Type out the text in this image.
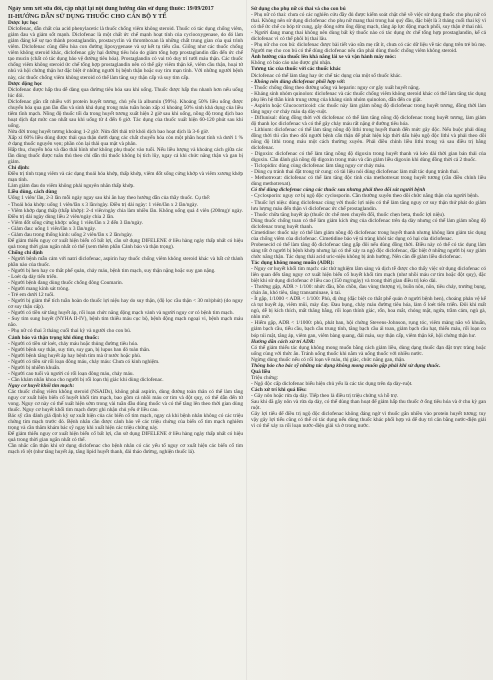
Ngày xem xét sửa đổi, cập nhật lại nội dung hướng dẫn sử dụng thuốc: 19/09/2017

II-HƯỚNG DẪN SỬ DỤNG THUỐC CHO CÁN BỘ Y TẾ

Dược lực học

Diclofenac, dẫn chất của acid phenylacetic là thuốc chống viêm không steroid. Thuốc có tác dụng chống viêm, giảm đau và giảm sốt mạnh. Diclofenac là một chất ức chế mạnh hoạt tính của cyclooxygenase, do đó làm giảm đáng kể sự tạo thành prostaglandin, prostacyclin và thromboxan là những chất trung gian của quá trình viêm. Diclofenac cũng điều hòa con đường lipoxygenase và sự kết tụ tiểu cầu. Giống như các thuốc chống viêm không steroid khác, diclofenac gây hại đường tiêu hóa do giảm tổng hợp prostaglandin dẫn đến ức chế tạo mucin (chất có tác dụng bảo vệ đường tiêu hóa). Prostaglandin có vai trò duy trì tưới máu thận. Các thuốc chống viêm không steroid ức chế tổng hợp prostaglandin nên có thể gây viêm thận kẽ, viêm cầu thận, hoại tử nhú và hội chứng thận hư đặc biệt ở những người bị bệnh thận hoặc suy tim mạn tính. Với những người bệnh này, các thuốc chống viêm không steroid có thể làm tăng suy thận cấp và suy tim cấp.

Dược động học

Diclofenac được hấp thu dễ dàng qua đường tiêu hóa sau khi uống. Thuốc được hấp thu nhanh hơn nếu uống lúc đói.

Diclofenac gắn rất nhiều với protein huyết tương, chủ yếu là albumin (99%). Khoảng 50% liều uống được chuyển hóa qua gan lần đầu và sinh khả dụng trong máu tuần hoàn xấp xỉ khoảng 50% sinh khả dụng của liều tiêm tĩnh mạch. Nồng độ thuốc tối đa trong huyết tương xuất hiện 2 giờ sau khi uống, nồng độ trong dịch bao hoạt dịch đạt mức cao nhất sau khi uống từ 4 đến 6 giờ. Tác dụng của thuốc xuất hiện 60-120 phút sau khi uống.

Nửa đời trong huyết tương khoảng 1-2 giờ. Nửa đời thải trừ khỏi dịch bao hoạt dịch là 3-6 giờ.

Xấp xỉ 60% liều dùng được thải qua thận dưới dạng các chất chuyển hóa còn một phần hoạt tính và dưới 1 % ở dạng thuốc nguyên vẹn; phần còn lại thải qua mật và phân.

Hấp thu, chuyển hóa và đào thải hình như không phụ thuộc vào tuổi. Nếu liều lượng và khoảng cách giữa các lần dùng thuốc được tuân thủ theo chỉ dẫn thì thuốc không bị tích lũy, ngay cả khi chức năng thận và gan bị giảm.

Chỉ định:

Điều trị tình trạng viêm và các dạng thoái hóa khớp, thấp khớp, viêm đốt sống cứng khớp và viêm xương khớp mạn tính.

Làm giảm đau do viêm không phải nguyên nhân thấp khớp.

Liều dùng, cách dùng

Uống 1 viên/ lần, 2-3 lần mỗi ngày ngay sau khi ăn hay theo hướng dẫn của thầy thuốc. Cụ thể:

- Thoái hóa khớp: uống 1 viên/lần x 3 lần/ngày. Điều trị dài ngày: 1 viên/lần x 2 lần/ngày.

- Viêm khớp dạng thấp (thấp khớp): 2-4 viên/ngày chia làm nhiều lần. Không uống quá 4 viên (200mg)/ ngày. Điều trị dài ngày dùng liều 2 viên/ngày chia 2 lần.

- Viêm đốt sống cứng khớp: uống 1 viên/lần x 2 đến 3 lần/ngày.

- Giảm đau: uống 1 viên/lần x 3 lần/ngày.

- Giảm đau trong thống kinh: uống 2 viên/lần x 2 lần/ngày.

Để giảm thiểu nguy cơ xuất hiện biến cố bất lợi, cần sử dụng DIFELENE ở liều hàng ngày thấp nhất có hiệu quả trong thời gian ngắn nhất có thể (xem thêm phần Cảnh báo và thận trọng).

Chống chỉ định

- Người bệnh mẫn cảm với natri diclofenac, aspirin hay thuốc chống viêm không steroid khác và bất cứ thành phần nào của thuốc.

- Người bị hen hay co thắt phế quản, chảy máu, bệnh tim mạch, suy thận nặng hoặc suy gan nặng.

- Loét dạ dày tiến triển.

- Người bệnh đang dùng thuốc chống đông Coumarin.

- Người mang kính sát tròng.

- Trẻ em dưới 12 tuổi.

- Người bị giảm thể tích tuần hoàn do thuốc lợi niệu hay do suy thận, (độ lọc cầu thận < 30 ml/phút) (do nguy cơ suy thận cấp).

- Người có tiền sử tăng huyết áp, rối loạn chức năng động mạch vành và người nguy cơ có bệnh tim mạch.

- Suy tim sung huyết (NYHA II-IV), bệnh tim thiếu máu cục bộ, bệnh động mạch ngoại vi, bệnh mạch máu não.

- Phụ nữ có thai 3 tháng cuối thai kỳ và người cho con bú.

Cảnh báo và thận trọng khi dùng thuốc:

- Người có tiền sử loét, chảy máu hoặc thủng đường tiêu hóa.

- Người bệnh suy thận, suy tim, suy gan, bị lupus ban đỏ toàn thân.

- Người bệnh tăng huyết áp hay bệnh tim mà ứ nước hoặc phù.

- Người có tiền sử rối loạn đông máu, chảy máu: Chưa có kinh nghiệm.

- Người bị nhiễm khuẩn.

- Người cao tuổi và người có rối loạn đông máu, chảy máu.

- Cần khám nhãn khoa cho người bị rối loạn thị giác khi dùng diclofenac.

Nguy cơ huyết khối tim mạch:

Các thuốc chống viêm không steroid (NSAIDs), không phải aspirin, dùng đường toàn thân có thể làm tăng nguy cơ xuất hiện biến cố huyết khối tim mạch, bao gồm cả nhồi máu cơ tim và đột quỵ, có thể dẫn đến tử vong. Nguy cơ này có thể xuất hiện sớm trong vài tuần đầu dùng thuốc và có thể tăng lên theo thời gian dùng thuốc. Nguy cơ huyết khối tim mạch được ghi nhận chủ yếu ở liều cao.

Bác sỹ cần đánh giá định kỳ sự xuất hiện của các biến cố tim mạch, ngay cả khi bệnh nhân không có các triệu chứng tim mạch trước đó. Bệnh nhân cần được cảnh báo về các triệu chứng của biến cố tim mạch nghiêm trọng và cần thăm khám bác sỹ ngay khi xuất hiện các triệu chứng này.

Để giảm thiểu nguy cơ xuất hiện biến cố bất lợi, cần sử dụng DIFELENE ở liều hàng ngày thấp nhất có hiệu quả trong thời gian ngắn nhất có thể.

Cần nhắc cẩn thận khi sử dụng diclofenac cho bệnh nhân có các yếu tố nguy cơ xuất hiện các biến cố tim mạch rõ rệt (như tăng huyết áp, tăng lipid huyết thanh, đái tháo đường, nghiện thuốc lá).

Sử dụng cho phụ nữ có thai và cho con bú

- Phụ nữ có thai: chưa có các nghiên cứu đầy đủ được kiểm soát chặt chẽ về việc sử dụng thuốc cho phụ nữ có thai. Không nên sử dụng diclofenac cho phụ nữ mang thai trong hai quý đầu, đặc biệt là 3 tháng cuối thai kỳ vì có thể ức chế co bóp tử cung, gây đóng sớm ống động mạch, tăng áp lực động mạch phổi, suy thận ở thai nhi.

- Người đang mang thai không nên dùng bất kỳ thuốc nào có tác dụng ức chế tổng hợp prostaglandin, kể cả diclofenac vì có thể phôi bị thai lâu.

- Phụ nữ cho con bú: diclofenac được bài tiết vào sữa mẹ rất ít, chưa có các dữ liệu về tác dụng trên trẻ bú mẹ. Người mẹ cho con bú có thể dùng diclofenac nếu cần phải dùng thuốc chống viêm không steroid.

Ảnh hưởng của thuốc lên khả năng lái xe và vận hành máy móc:

Không có báo cáo nào được ghi nhận.

Tương tác của thuốc với các thuốc khác

Diclofenac có thể làm tăng hay ức chế tác dụng của một số thuốc khác.

- Không nên dùng diclofenac phối hợp với:

- Thuốc chống đông theo đường uống và heparin: nguy cơ gây xuất huyết nặng.

- Kháng sinh nhóm quinolon: diclofenac và các thuốc chống viêm không steroid khác có thể làm tăng tác dụng phụ lên hệ thần kinh trung ương của kháng sinh nhóm quinolon, dẫn đến co giật.

- Aspirin hoặc Glucocorticoid: các thuốc này làm giảm nồng độ diclofenac trong huyết tương, đồng thời làm tăng nguy cơ chảy máu dạ dày-ruột.

- Diflunisal: dùng đồng thời với diclofenac có thể làm tăng nồng độ diclofenac trong huyết tương, làm giảm độ thanh lọc diclofenac và có thể gây chảy máu rất nặng ở đường tiêu hóa.

- Lithium: diclofenac có thể làm tăng nồng độ lithi trong huyết thanh đến mức gây độc. Nếu buộc phải dùng đồng thời thì cần theo dõi người bệnh cẩn thận để phát hiện kịp thời dấu hiệu ngộ độc lithi và phải theo dõi nồng độ lithi trong máu một cách thường xuyên. Phải điều chỉnh liều lithi trong và sau điều trị bằng diclofenac.

- Digoxin: diclofenac có thể làm tăng nồng độ digoxin trong huyết thanh và kéo dài thời gian bán thải của digoxin. Cần đánh giá nồng độ digoxin trong máu và cần giảm liều digoxin khi dùng đồng thời cả 2 thuốc.

- Ticlopidin: dùng cùng diclofenac làm tăng nguy cơ chảy máu.

- Dùng cụ tránh thai đặt trong tử cung: có tài liệu nói dùng diclofenac làm mất tác dụng tránh thai.

- Methotrexat: diclofenac có thể làm tăng độc tính của methotrexat trong huyết tương (cần điều chỉnh liều dùng methotrexat).

Có thể dùng diclofenac cùng các thuốc sau nhưng phải theo dõi sát người bệnh

- Cyclosporin: nguy cơ bị ngộ độc cyclosporin. Cần thường xuyên theo dõi chức năng thận của người bệnh.

- Thuốc lợi niệu: dùng diclofenac cùng với thuốc lợi niệu có thể làm tăng nguy cơ suy thận thứ phát do giảm lưu lượng máu đến thận vì diclofenac ức chế prostaglandin.

- Thuốc chữa tăng huyết áp (thuốc ức chế men chuyển đổi, thuốc chẹn beta, thuốc lợi niệu).

Dùng thuốc chống toan có thể làm giảm kích ứng của diclofenac trên dạ dày nhưng có thể làm giảm nồng độ diclofenac trong huyết thanh.

Cimetidine: thuốc này có thể làm giảm nồng độ diclofenac trong huyết thanh nhưng không làm giảm tác dụng của chống viêm của diclofenac. Cimetidine bảo vệ tá tràng khỏi tác dụng có hại của diclofenac.

Probenecid có thể làm tăng độ diclofenac tăng gấp đôi nếu dùng đồng thời. Điều này có thể có tác dụng lâm sàng tốt ở người bị bệnh khớp nhưng lại có thể xảy ra ngộ độc diclofenac, đặc biệt ở những người bị suy giảm chức năng thận. Tác dụng thải acid uric-niệu không bị ảnh hưởng. Nên cân đề giảm liều diclofenac.

Tác dụng không mong muốn (ADR):

- Nguy cơ huyết khối tim mạch: các thử nghiệm lâm sàng và dịch tễ được cho thấy việc sử dụng diclofenac có liên quan đến tăng nguy cơ xuất hiện biến cố huyết khối tim mạch (như nhồi máu cơ tim hoặc đột quỵ), đặc biệt khi sử dụng diclofenac ở liều cao (150 mg/ngày) và trong thời gian điều trị kéo dài.

- Thường gặp, ADR > 1/100: nhức đầu, bồn chồn, đau vùng thượng vị, buồn nôn, nôn, tiêu chảy, trướng bụng, chán ăn, khó tiêu, tăng transaminase, ù tai.

- Ít gặp, 1/1000 < ADR < 1/100: Phù, dị ứng (đặc biệt co thắt phế quản ở người bệnh hen), choáng phản vệ kể cả tụt huyết áp, viêm mũi, mày đay. Đau bụng, chảy máu đường tiêu hóa, làm ổ loét tiến triển. Đôi khi mất ngủ, dễ bị kích thích, mất thăng bằng, rối loạn thính giác, rốn, hoa mắt, chóng mặt, ngứa, trầm cảm, ngủ gà, nhìn mờ.

- Hiếm gặp, ADR < 1/1000: phù, phát ban, hội chứng Stevens-Johnson, rụng tóc, viêm màng não vô khuẩn, giảm bạch cầu, tiểu cầu, bạch cầu trung tính, tăng bạch cầu ái toan, giảm bạch cầu hạt, thiếu máu, rối loạn co bóp túi mật, tăng áp, viêm gan, viêm bàng quang, đái máu, suy thận cấp, viêm thận kẽ, hội chứng thận hư.

Hướng dẫn cách xử trí ADR:

Có thể giảm thiểu tác dụng không mong muốn bằng cách giảm liều, dùng dạng thuốc đạn đặt trực tràng hoặc uống cùng với thức ăn. Tránh uống thuốc khi nằm và uống thuốc với nhiều nước.

Ngừng dùng thuốc nếu có rối loạn về máu, thị giác, chức năng gan, thận.

Thông báo cho bác sỹ những tác dụng không mong muốn gặp phải khi sử dụng thuốc.

Quá liều

Triệu chứng:

- Ngộ độc cấp diclofenac biểu hiện chủ yếu là các tác dụng trên dạ dày-ruột.

Cách xử trí khi quá liều:

- Gây nôn hoặc rửa dạ dày. Tiếp theo là điều trị triệu chứng và hỗ trợ.

Sau khi đã gây nôn và rửa dạ dày, có thể dùng than hoạt để giảm hấp thu thuốc ở ống tiêu hóa và ở chu kỳ gan ruột.

Gây lợi tiểu để điều trị ngộ độc diclofenac không đáng ngờ vì thuốc gắn nhiều vào protein huyết tương; tuy vậy gây lợi tiểu cũng có thể có tác dụng nếu dùng thuốc khác phối hợp và để duy trì cân bằng nước-điện giải vì có thể xảy ra rối loạn nước-điện giải và ở trong nước.
